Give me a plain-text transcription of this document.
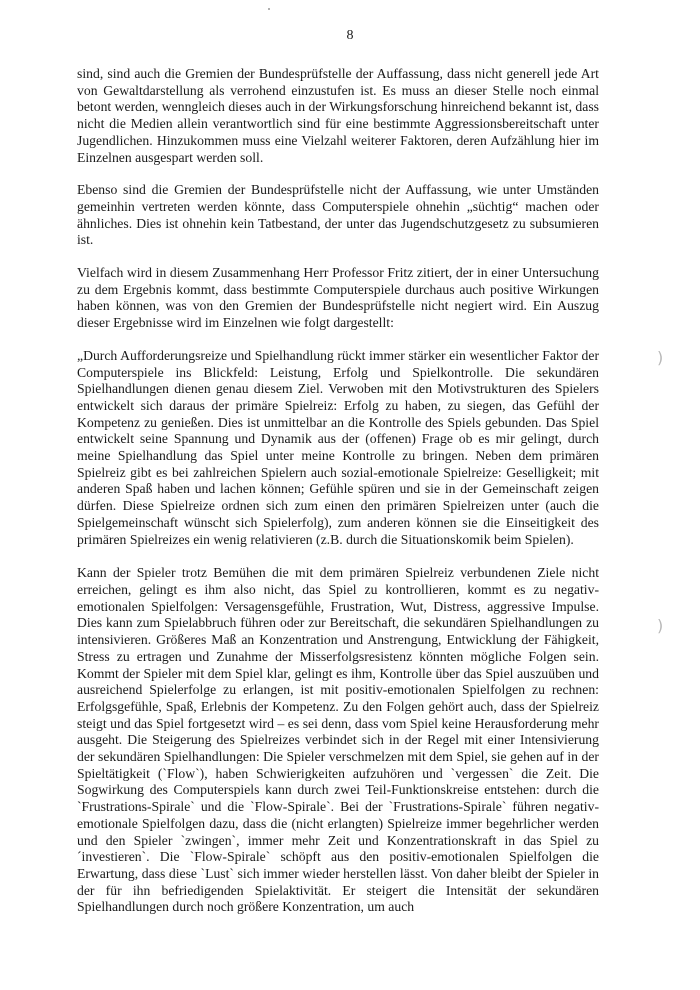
8

sind, sind auch die Gremien der Bundesprüfstelle der Auffassung, dass nicht generell jede Art von Gewaltdarstellung als verrohend einzustufen ist. Es muss an dieser Stelle noch einmal betont werden, wenngleich dieses auch in der Wirkungsforschung hinreichend bekannt ist, dass nicht die Medien allein verantwortlich sind für eine bestimmte Aggressionsbereitschaft unter Jugendlichen. Hinzukommen muss eine Vielzahl weiterer Faktoren, deren Aufzählung hier im Einzelnen ausgespart werden soll.

Ebenso sind die Gremien der Bundesprüfstelle nicht der Auffassung, wie unter Umständen gemeinhin vertreten werden könnte, dass Computerspiele ohnehin „süchtig“ machen oder ähnliches. Dies ist ohnehin kein Tatbestand, der unter das Jugendschutzgesetz zu subsumieren ist.

Vielfach wird in diesem Zusammenhang Herr Professor Fritz zitiert, der in einer Untersuchung zu dem Ergebnis kommt, dass bestimmte Computerspiele durchaus auch positive Wirkungen haben können, was von den Gremien der Bundesprüfstelle nicht negiert wird. Ein Auszug dieser Ergebnisse wird im Einzelnen wie folgt dargestellt:

„Durch Aufforderungsreize und Spielhandlung rückt immer stärker ein wesentlicher Faktor der Computerspiele ins Blickfeld: Leistung, Erfolg und Spielkontrolle. Die sekundären Spielhandlungen dienen genau diesem Ziel. Verwoben mit den Motivstrukturen des Spielers entwickelt sich daraus der primäre Spielreiz: Erfolg zu haben, zu siegen, das Gefühl der Kompetenz zu genießen. Dies ist unmittelbar an die Kontrolle des Spiels gebunden. Das Spiel entwickelt seine Spannung und Dynamik aus der (offenen) Frage ob es mir gelingt, durch meine Spielhandlung das Spiel unter meine Kontrolle zu bringen. Neben dem primären Spielreiz gibt es bei zahlreichen Spielern auch sozial-emotionale Spielreize: Geselligkeit; mit anderen Spaß haben und lachen können; Gefühle spüren und sie in der Gemeinschaft zeigen dürfen. Diese Spielreize ordnen sich zum einen den primären Spielreizen unter (auch die Spielgemeinschaft wünscht sich Spielerfolg), zum anderen können sie die Einseitigkeit des primären Spielreizes ein wenig relativieren (z.B. durch die Situationskomik beim Spielen).

Kann der Spieler trotz Bemühen die mit dem primären Spielreiz verbundenen Ziele nicht erreichen, gelingt es ihm also nicht, das Spiel zu kontrollieren, kommt es zu negativ-emotionalen Spielfolgen: Versagensgefühle, Frustration, Wut, Distress, aggressive Impulse. Dies kann zum Spielabbruch führen oder zur Bereitschaft, die sekundären Spielhandlungen zu intensivieren. Größeres Maß an Konzentration und Anstrengung, Entwicklung der Fähigkeit, Stress zu ertragen und Zunahme der Misserfolgsresistenz könnten mögliche Folgen sein. Kommt der Spieler mit dem Spiel klar, gelingt es ihm, Kontrolle über das Spiel auszuüben und ausreichend Spielerfolge zu erlangen, ist mit positiv-emotionalen Spielfolgen zu rechnen: Erfolgsgefühle, Spaß, Erlebnis der Kompetenz. Zu den Folgen gehört auch, dass der Spielreiz steigt und das Spiel fortgesetzt wird – es sei denn, dass vom Spiel keine Herausforderung mehr ausgeht. Die Steigerung des Spielreizes verbindet sich in der Regel mit einer Intensivierung der sekundären Spielhandlungen: Die Spieler verschmelzen mit dem Spiel, sie gehen auf in der Spieltätigkeit (`Flow`), haben Schwierigkeiten aufzuhören und `vergessen` die Zeit. Die Sogwirkung des Computerspiels kann durch zwei Teil-Funktionskreise entstehen: durch die `Frustrations-Spirale` und die `Flow-Spirale`. Bei der `Frustrations-Spirale` führen negativ-emotionale Spielfolgen dazu, dass die (nicht erlangten) Spielreize immer begehrlicher werden und den Spieler `zwingen`, immer mehr Zeit und Konzentrationskraft in das Spiel zu ´investieren`. Die `Flow-Spirale` schöpft aus den positiv-emotionalen Spielfolgen die Erwartung, dass diese `Lust` sich immer wieder herstellen lässt. Von daher bleibt der Spieler in der für ihn befriedigenden Spielaktivität. Er steigert die Intensität der sekundären Spielhandlungen durch noch größere Konzentration, um auch

)
)
